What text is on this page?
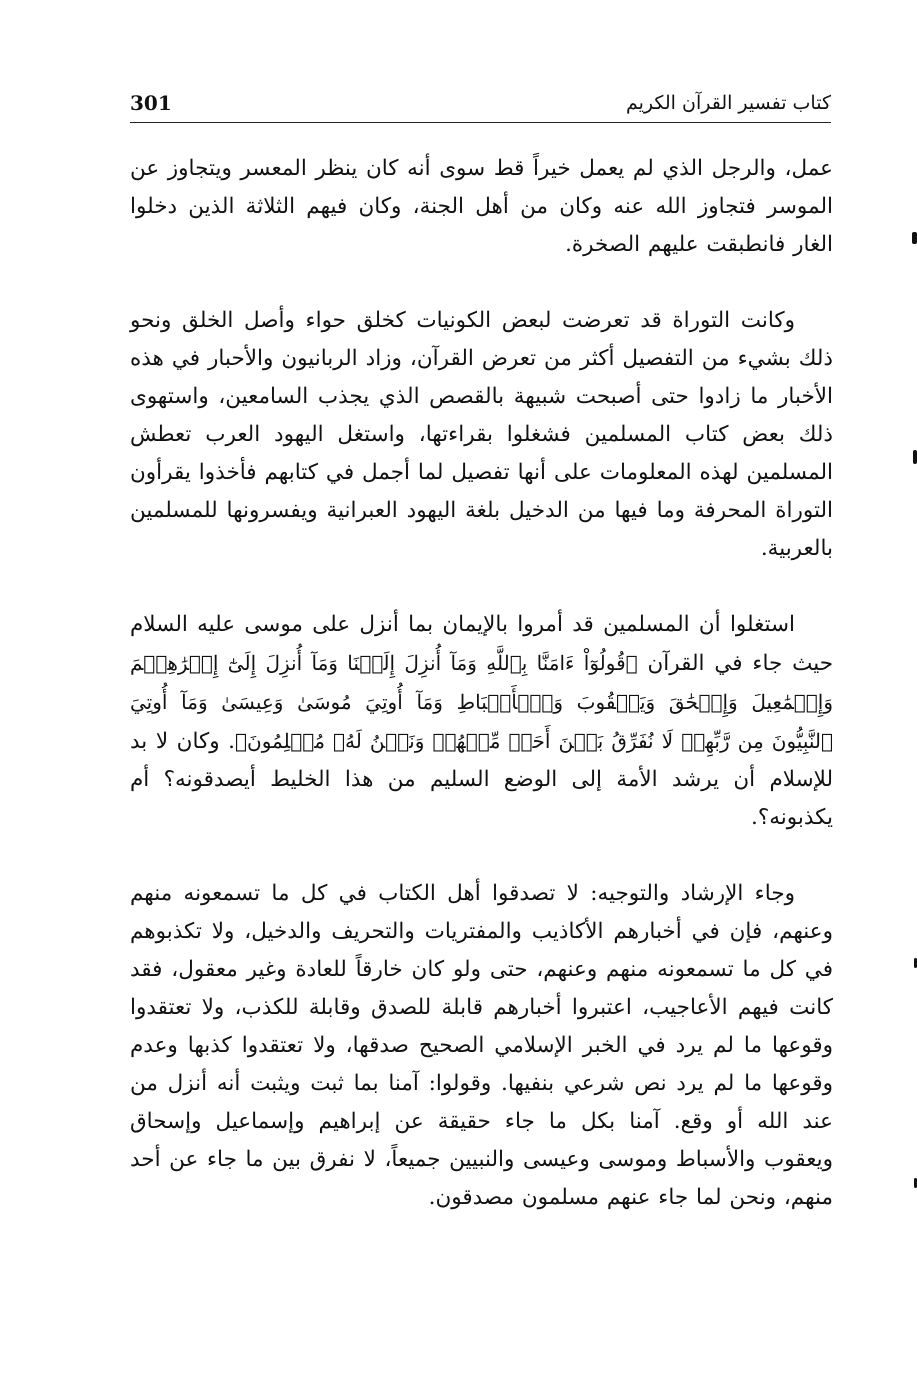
301	كتاب تفسير القرآن الكريم

عمل، والرجل الذي لم يعمل خيراً قط سوى أنه كان ينظر المعسر ويتجاوز عن الموسر فتجاوز الله عنه وكان من أهل الجنة، وكان فيهم الثلاثة الذين دخلوا الغار فانطبقت عليهم الصخرة.

وكانت التوراة قد تعرضت لبعض الكونيات كخلق حواء وأصل الخلق ونحو ذلك بشيء من التفصيل أكثر من تعرض القرآن، وزاد الربانيون والأحبار في هذه الأخبار ما زادوا حتى أصبحت شبيهة بالقصص الذي يجذب السامعين، واستهوى ذلك بعض كتاب المسلمين فشغلوا بقراءتها، واستغل اليهود العرب تعطش المسلمين لهذه المعلومات على أنها تفصيل لما أجمل في كتابهم فأخذوا يقرأون التوراة المحرفة وما فيها من الدخيل بلغة اليهود العبرانية ويفسرونها للمسلمين بالعربية.

استغلوا أن المسلمين قد أمروا بالإيمان بما أنزل على موسى عليه السلام حيث جاء في القرآن ﴿قُولُوٓاْ ءَامَنَّا بِٱللَّهِ وَمَآ أُنزِلَ إِلَيۡنَا وَمَآ أُنزِلَ إِلَىٰٓ إِبۡرَٰهِـۧمَ وَإِسۡمَٰعِيلَ وَإِسۡحَٰقَ وَيَعۡقُوبَ وَٱلۡأَسۡبَاطِ وَمَآ أُوتِيَ مُوسَىٰ وَعِيسَىٰ وَمَآ أُوتِيَ ٱلنَّبِيُّونَ مِن رَّبِّهِمۡ لَا نُفَرِّقُ بَيۡنَ أَحَدٖ مِّنۡهُمۡ وَنَحۡنُ لَهُۥ مُسۡلِمُونَ﴾. وكان لا بد للإسلام أن يرشد الأمة إلى الوضع السليم من هذا الخليط أيصدقونه؟ أم يكذبونه؟.

وجاء الإرشاد والتوجيه: لا تصدقوا أهل الكتاب في كل ما تسمعونه منهم وعنهم، فإن في أخبارهم الأكاذيب والمفتريات والتحريف والدخيل، ولا تكذبوهم في كل ما تسمعونه منهم وعنهم، حتى ولو كان خارقاً للعادة وغير معقول، فقد كانت فيهم الأعاجيب، اعتبروا أخبارهم قابلة للصدق وقابلة للكذب، ولا تعتقدوا وقوعها ما لم يرد في الخبر الإسلامي الصحيح صدقها، ولا تعتقدوا كذبها وعدم وقوعها ما لم يرد نص شرعي بنفيها. وقولوا: آمنا بما ثبت ويثبت أنه أنزل من عند الله أو وقع. آمنا بكل ما جاء حقيقة عن إبراهيم وإسماعيل وإسحاق ويعقوب والأسباط وموسى وعيسى والنبيين جميعاً، لا نفرق بين ما جاء عن أحد منهم، ونحن لما جاء عنهم مسلمون مصدقون.
